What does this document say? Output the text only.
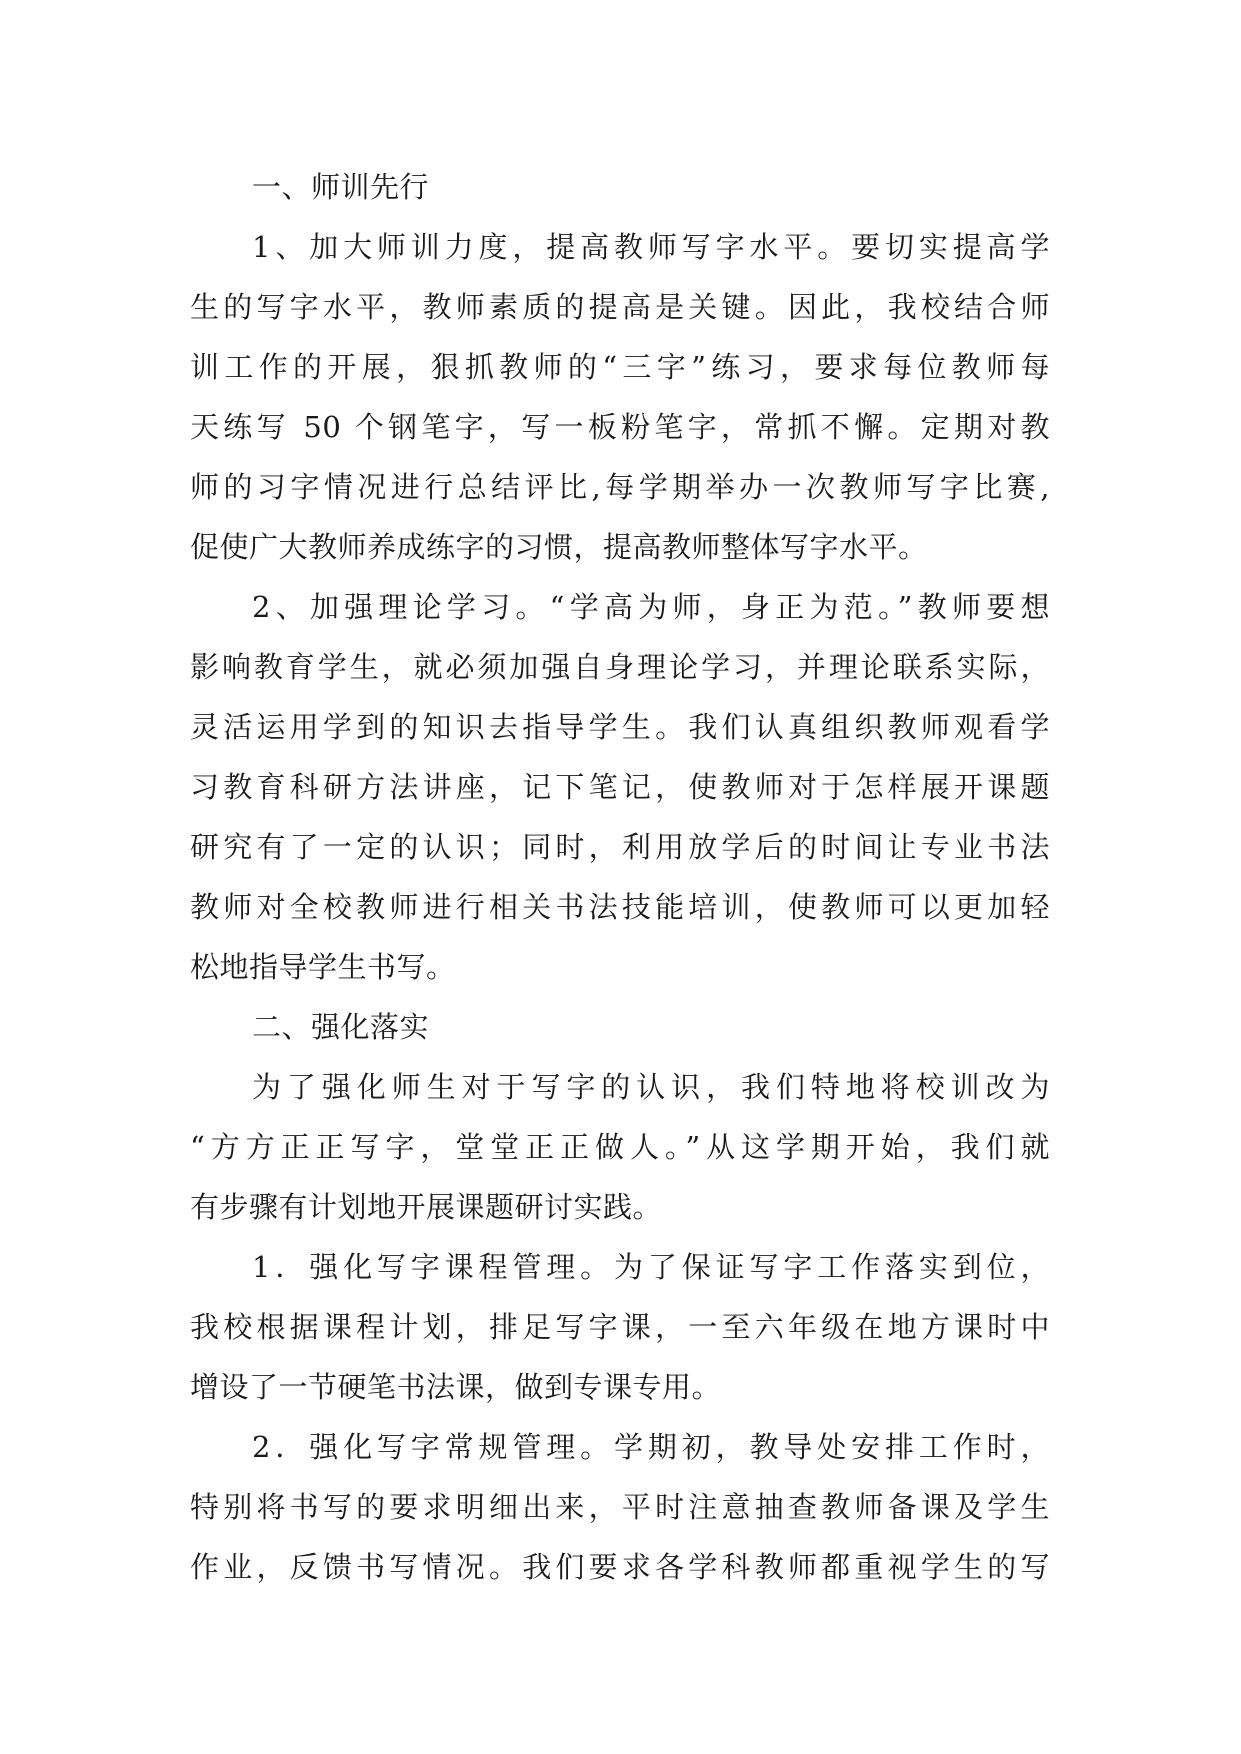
一、师训先行
1、加大师训力度，提高教师写字水平。要切实提高学
生的写字水平，教师素质的提高是关键。因此，我校结合师
训工作的开展，狠抓教师的“三字”练习，要求每位教师每
天练写 50 个钢笔字，写一板粉笔字，常抓不懈。定期对教
师的习字情况进行总结评比,每学期举办一次教师写字比赛,
促使广大教师养成练字的习惯，提高教师整体写字水平。
2、加强理论学习。“学高为师，身正为范。”教师要想
影响教育学生，就必须加强自身理论学习，并理论联系实际，
灵活运用学到的知识去指导学生。我们认真组织教师观看学
习教育科研方法讲座，记下笔记，使教师对于怎样展开课题
研究有了一定的认识；同时，利用放学后的时间让专业书法
教师对全校教师进行相关书法技能培训，使教师可以更加轻
松地指导学生书写。
二、强化落实
为了强化师生对于写字的认识，我们特地将校训改为
“方方正正写字，堂堂正正做人。”从这学期开始，我们就
有步骤有计划地开展课题研讨实践。
1．强化写字课程管理。为了保证写字工作落实到位，
我校根据课程计划，排足写字课，一至六年级在地方课时中
增设了一节硬笔书法课，做到专课专用。
2．强化写字常规管理。学期初，教导处安排工作时，
特别将书写的要求明细出来，平时注意抽查教师备课及学生
作业，反馈书写情况。我们要求各学科教师都重视学生的写
